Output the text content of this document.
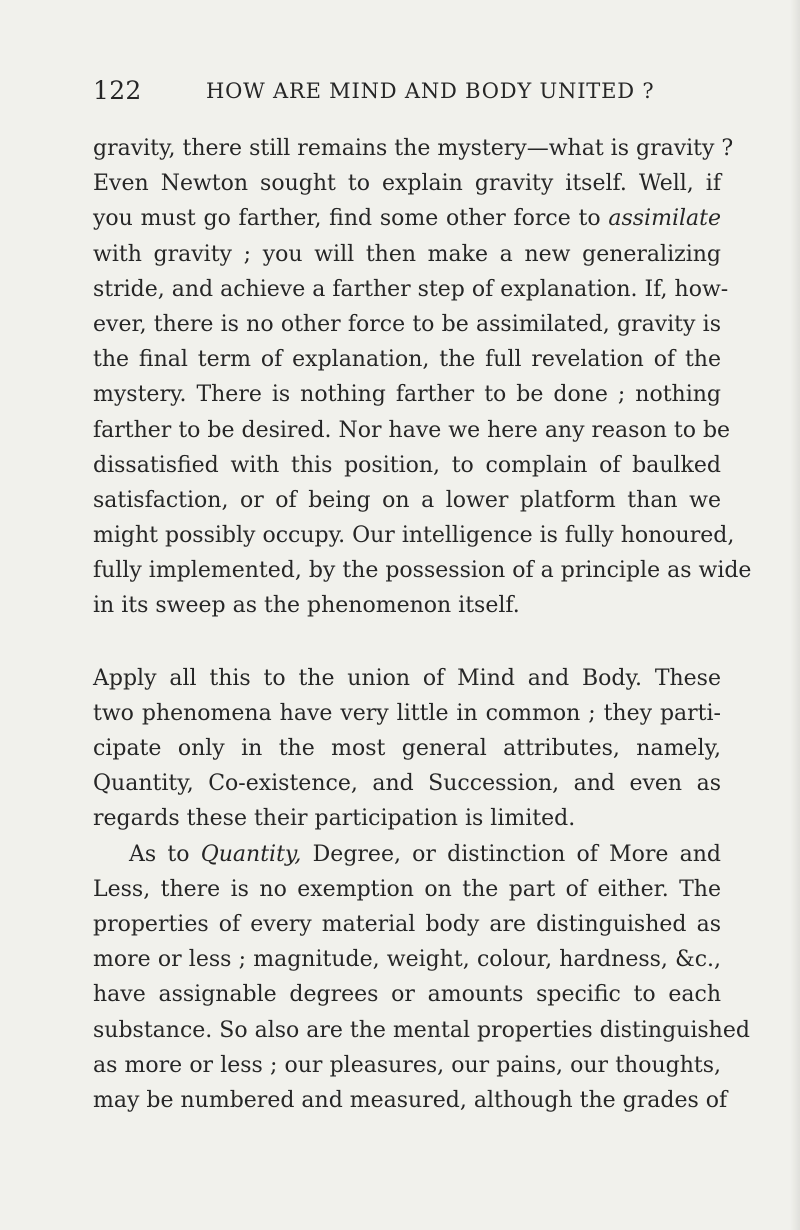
122	HOW ARE MIND AND BODY UNITED ?
gravity, there still remains the mystery—what is gravity ?
Even Newton sought to explain gravity itself. Well, if
you must go farther, find some other force to assimilate
with gravity ; you will then make a new generalizing
stride, and achieve a farther step of explanation. If, how-
ever, there is no other force to be assimilated, gravity is
the final term of explanation, the full revelation of the
mystery. There is nothing farther to be done ; nothing
farther to be desired. Nor have we here any reason to be
dissatisfied with this position, to complain of baulked
satisfaction, or of being on a lower platform than we
might possibly occupy. Our intelligence is fully honoured,
fully implemented, by the possession of a principle as wide
in its sweep as the phenomenon itself.
Apply all this to the union of Mind and Body. These
two phenomena have very little in common ; they parti-
cipate only in the most general attributes, namely,
Quantity, Co-existence, and Succession, and even as
regards these their participation is limited.
As to Quantity, Degree, or distinction of More and
Less, there is no exemption on the part of either. The
properties of every material body are distinguished as
more or less ; magnitude, weight, colour, hardness, &c.,
have assignable degrees or amounts specific to each
substance. So also are the mental properties distinguished
as more or less ; our pleasures, our pains, our thoughts,
may be numbered and measured, although the grades of
